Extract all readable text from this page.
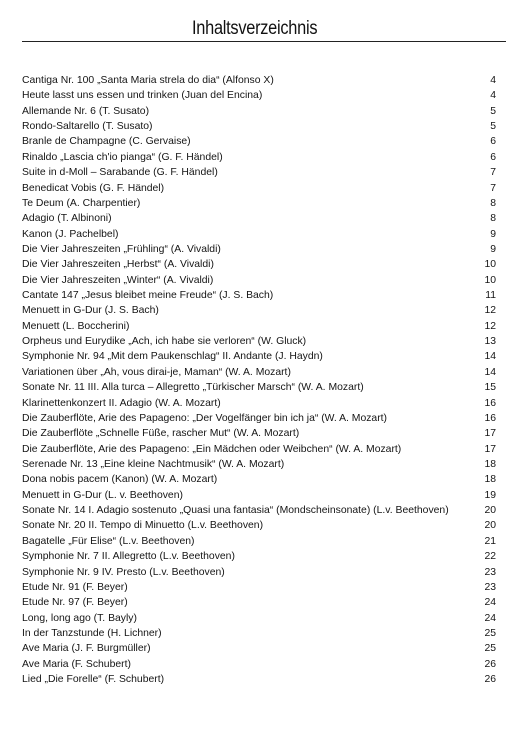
Inhaltsverzeichnis
Cantiga Nr. 100 „Santa Maria strela do dia“ (Alfonso X)	4
Heute lasst uns essen und trinken (Juan del Encina)	4
Allemande Nr. 6 (T. Susato)	5
Rondo-Saltarello (T. Susato)	5
Branle de Champagne (C. Gervaise)	6
Rinaldo „Lascia ch'io pianga“ (G. F. Händel)	6
Suite in d-Moll – Sarabande (G. F. Händel)	7
Benedicat Vobis (G. F. Händel)	7
Te Deum (A. Charpentier)	8
Adagio (T. Albinoni)	8
Kanon (J. Pachelbel)	9
Die Vier Jahreszeiten „Frühling“ (A. Vivaldi)	9
Die Vier Jahreszeiten „Herbst“ (A. Vivaldi)	10
Die Vier Jahreszeiten „Winter“ (A. Vivaldi)	10
Cantate 147 „Jesus bleibet meine Freude“ (J. S. Bach)	11
Menuett in G-Dur (J. S. Bach)	12
Menuett (L. Boccherini)	12
Orpheus und Eurydike „Ach, ich habe sie verloren“ (W. Gluck)	13
Symphonie Nr. 94 „Mit dem Paukenschlag“ II. Andante (J. Haydn)	14
Variationen über „Ah, vous dirai-je, Maman“ (W. A. Mozart)	14
Sonate Nr. 11 III. Alla turca – Allegretto „Türkischer Marsch“ (W. A. Mozart)	15
Klarinettenkonzert II. Adagio (W. A. Mozart)	16
Die Zauberflöte, Arie des Papageno: „Der Vogelfänger bin ich ja“ (W. A. Mozart)	16
Die Zauberflöte „Schnelle Füße, rascher Mut“ (W. A. Mozart)	17
Die Zauberflöte, Arie des Papageno: „Ein Mädchen oder Weibchen“ (W. A. Mozart)	17
Serenade Nr. 13 „Eine kleine Nachtmusik“ (W. A. Mozart)	18
Dona nobis pacem (Kanon) (W. A. Mozart)	18
Menuett in G-Dur (L. v. Beethoven)	19
Sonate Nr. 14 I. Adagio sostenuto „Quasi una fantasia“ (Mondscheinsonate) (L.v. Beethoven)	20
Sonate Nr. 20 II. Tempo di Minuetto (L.v. Beethoven)	20
Bagatelle „Für Elise“ (L.v. Beethoven)	21
Symphonie Nr. 7 II. Allegretto (L.v. Beethoven)	22
Symphonie Nr. 9 IV. Presto (L.v. Beethoven)	23
Etude Nr. 91 (F. Beyer)	23
Etude Nr. 97 (F. Beyer)	24
Long, long ago (T. Bayly)	24
In der Tanzstunde (H. Lichner)	25
Ave Maria (J. F. Burgmüller)	25
Ave Maria (F. Schubert)	26
Lied „Die Forelle“ (F. Schubert)	26
